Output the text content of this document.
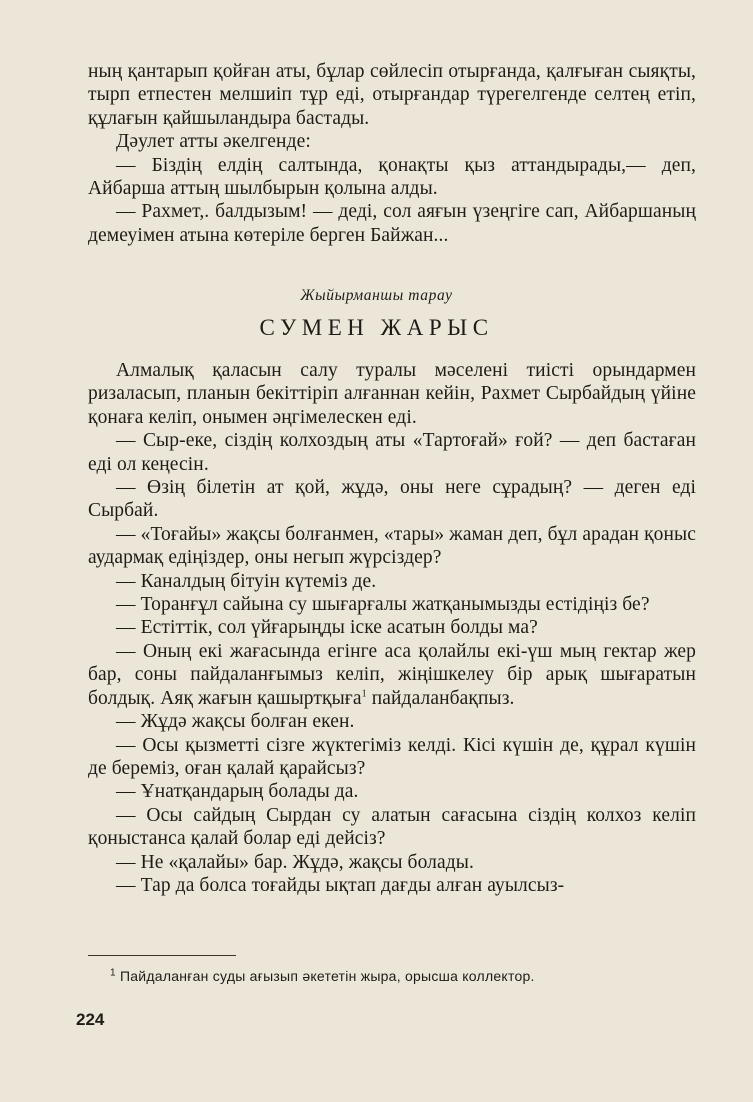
ның қантарып қойған аты, бұлар сөйлесіп отырғанда, қалғыған сыяқты, тырп етпестен мелшиіп тұр еді, отырғандар түрегелгенде селтең етіп, құлағын қайшыландыра бастады.

Дәулет атты әкелгенде:

— Біздің елдің салтында, қонақты қыз аттандырады,— деп, Айбарша аттың шылбырын қолына алды.

— Рахмет,. балдызым! — деді, сол аяғын үзеңгіге сап, Айбаршаның демеуімен атына көтеріле берген Байжан...

Жыйырманшы тарау
СУМЕН ЖАРЫС

Алмалық қаласын салу туралы мәселені тиісті орындармен ризаласып, планын бекіттіріп алғаннан кейін, Рахмет Сырбайдың үйіне қонаға келіп, онымен әңгімелескен еді.

— Сыр-еке, сіздің колхоздың аты «Тартоғай» ғой? — деп бастаған еді ол кеңесін.

— Өзің білетін ат қой, жұдә, оны неге сұрадың? — деген еді Сырбай.

— «Тоғайы» жақсы болғанмен, «тары» жаман деп, бұл арадан қоныс аудармақ едіңіздер, оны негып жүрсіздер?

— Каналдың бітуін күтеміз де.

— Торанғұл сайына су шығарғалы жатқанымызды естідіңіз бе?

— Естіттік, сол үйғарыңды іске асатын болды ма?

— Оның екі жағасында егінге аса қолайлы екі-үш мың гектар жер бар, соны пайдаланғымыз келіп, жіңішкелеу бір арық шығаратын болдық. Аяқ жағын қашыртқыға$^1$ пайдаланбақпыз.

— Жұдә жақсы болған екен.

— Осы қызметті сізге жүктегіміз келді. Кісі күшін де, құрал күшін де береміз, оған қалай қарайсыз?

— Ұнатқандарың болады да.

— Осы сайдың Сырдан су алатын сағасына сіздің колхоз келіп қоныстанса қалай болар еді дейсіз?

— Не «қалайы» бар. Жұдә, жақсы болады.

— Тар да болса тоғайды ықтап дағды алған ауылсыз-

$^1$ Пайдаланған суды ағызып әкететін жыра, орысша коллектор.
224
